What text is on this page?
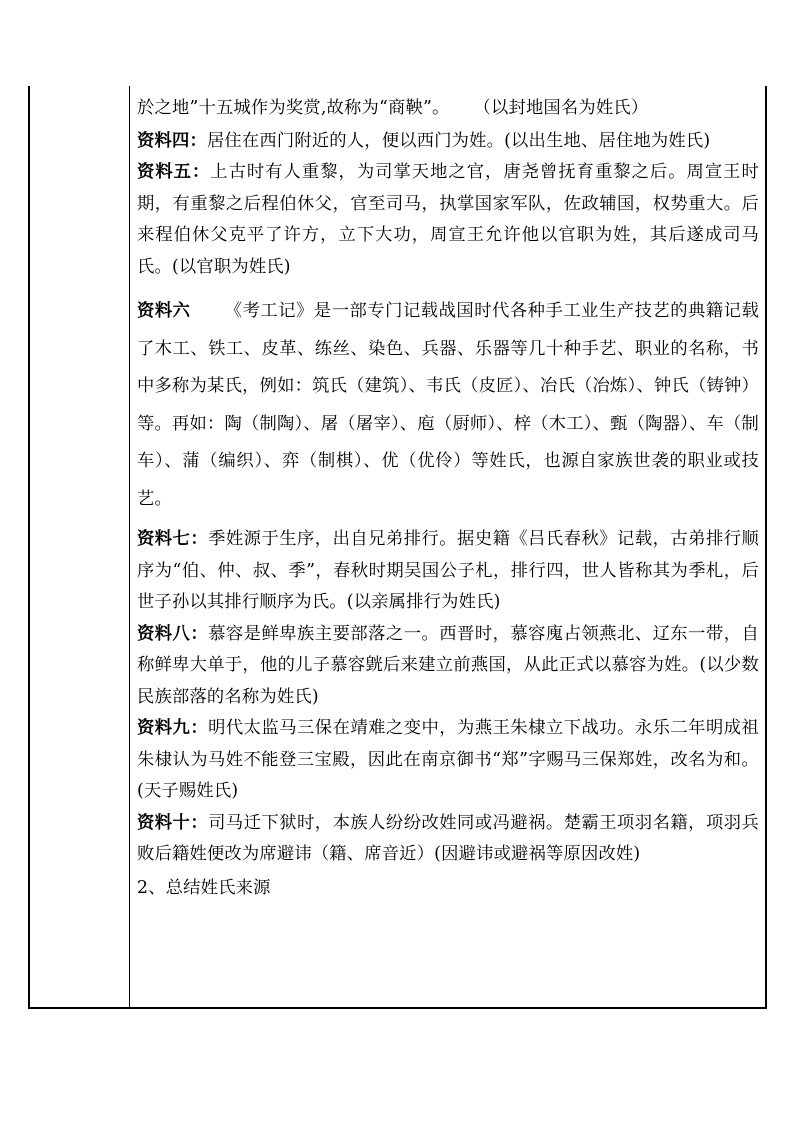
於之地”十五城作为奖赏,故称为“商鞅”。 （以封地国名为姓氏）

资料四：居住在西门附近的人，便以西门为姓。(以出生地、居住地为姓氏)

资料五：上古时有人重黎，为司掌天地之官，唐尧曾抚育重黎之后。周宣王时期，有重黎之后程伯休父，官至司马，执掌国家军队，佐政辅国，权势重大。后来程伯休父克平了许方，立下大功，周宣王允许他以官职为姓，其后遂成司马氏。(以官职为姓氏)

资料六 《考工记》是一部专门记载战国时代各种手工业生产技艺的典籍记载了木工、铁工、皮革、练丝、染色、兵器、乐器等几十种手艺、职业的名称，书中多称为某氏，例如：筑氏（建筑）、韦氏（皮匠）、冶氏（冶炼）、钟氏（铸钟）等。再如：陶（制陶）、屠（屠宰）、庖（厨师）、梓（木工）、甄（陶器）、车（制车）、蒲（编织）、弈（制棋）、优（优伶）等姓氏，也源自家族世袭的职业或技艺。

资料七：季姓源于生序，出自兄弟排行。据史籍《吕氏春秋》记载，古弟排行顺序为“伯、仲、叔、季”，春秋时期吴国公子札，排行四，世人皆称其为季札，后世子孙以其排行顺序为氏。(以亲属排行为姓氏)

资料八：慕容是鲜卑族主要部落之一。西晋时，慕容廆占领燕北、辽东一带，自称鲜卑大单于，他的儿子慕容皝后来建立前燕国，从此正式以慕容为姓。(以少数民族部落的名称为姓氏)

资料九：明代太监马三保在靖难之变中，为燕王朱棣立下战功。永乐二年明成祖朱棣认为马姓不能登三宝殿，因此在南京御书“郑”字赐马三保郑姓，改名为和。(天子赐姓氏)

资料十：司马迁下狱时，本族人纷纷改姓同或冯避祸。楚霸王项羽名籍，项羽兵败后籍姓便改为席避讳（籍、席音近）(因避讳或避祸等原因改姓)

2、总结姓氏来源
